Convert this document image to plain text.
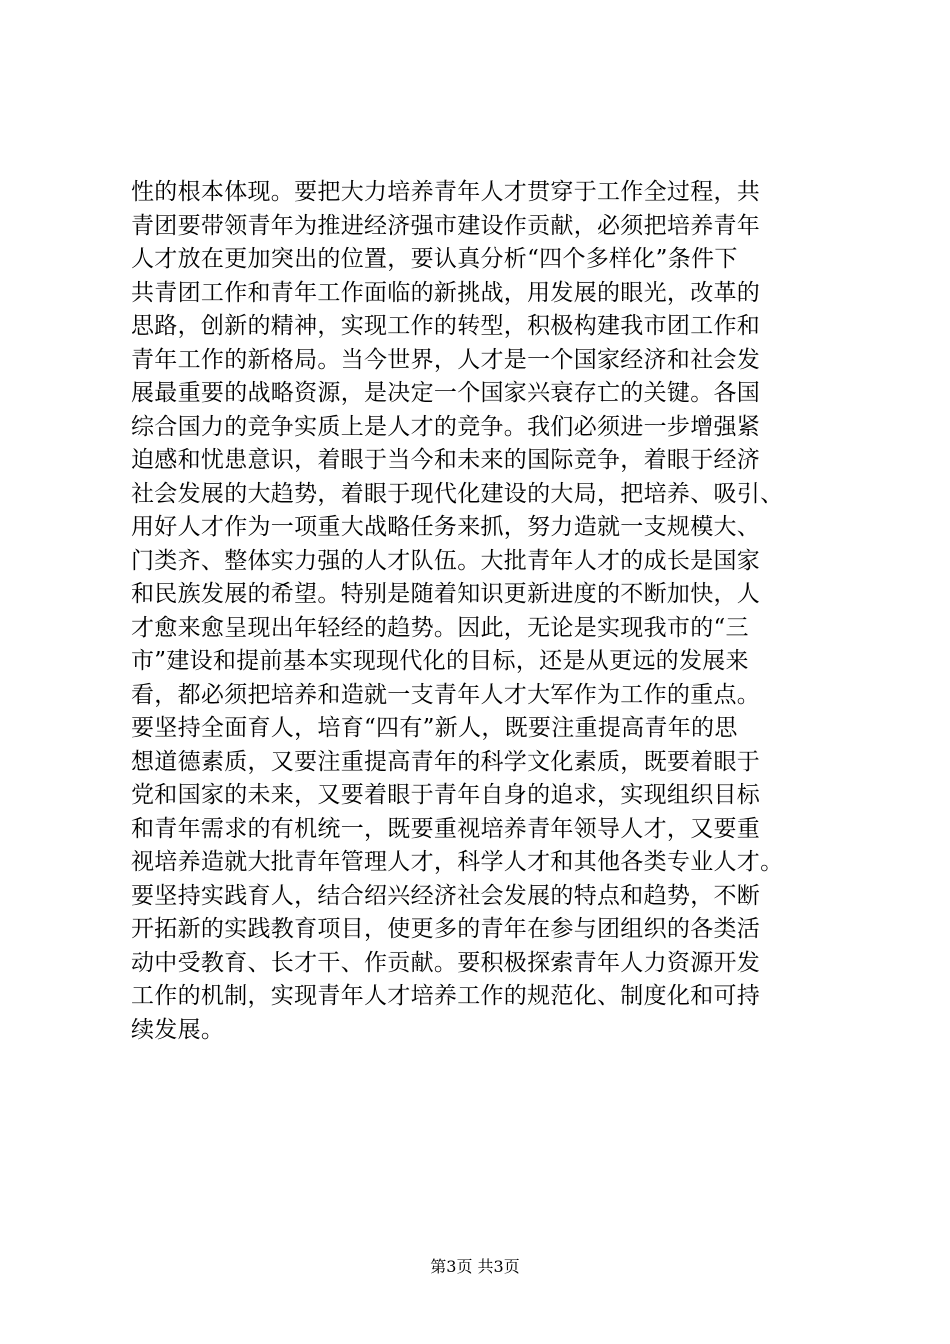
性的根本体现。要把大力培养青年人才贯穿于工作全过程，共
青团要带领青年为推进经济强市建设作贡献，必须把培养青年
人才放在更加突出的位置，要认真分析“四个多样化”条件下
共青团工作和青年工作面临的新挑战，用发展的眼光，改革的
思路，创新的精神，实现工作的转型，积极构建我市团工作和
青年工作的新格局。当今世界，人才是一个国家经济和社会发
展最重要的战略资源，是决定一个国家兴衰存亡的关键。各国
综合国力的竞争实质上是人才的竞争。我们必须进一步增强紧
迫感和忧患意识，着眼于当今和未来的国际竞争，着眼于经济
社会发展的大趋势，着眼于现代化建设的大局，把培养、吸引、
用好人才作为一项重大战略任务来抓，努力造就一支规模大、
门类齐、整体实力强的人才队伍。大批青年人才的成长是国家
和民族发展的希望。特别是随着知识更新进度的不断加快，人
才愈来愈呈现出年轻经的趋势。因此，无论是实现我市的“三
市”建设和提前基本实现现代化的目标，还是从更远的发展来
看，都必须把培养和造就一支青年人才大军作为工作的重点。
要坚持全面育人，培育“四有”新人，既要注重提高青年的思
想道德素质，又要注重提高青年的科学文化素质，既要着眼于
党和国家的未来，又要着眼于青年自身的追求，实现组织目标
和青年需求的有机统一，既要重视培养青年领导人才，又要重
视培养造就大批青年管理人才，科学人才和其他各类专业人才。
要坚持实践育人，结合绍兴经济社会发展的特点和趋势，不断
开拓新的实践教育项目，使更多的青年在参与团组织的各类活
动中受教育、长才干、作贡献。要积极探索青年人力资源开发
工作的机制，实现青年人才培养工作的规范化、制度化和可持
续发展。
第3页 共3页
